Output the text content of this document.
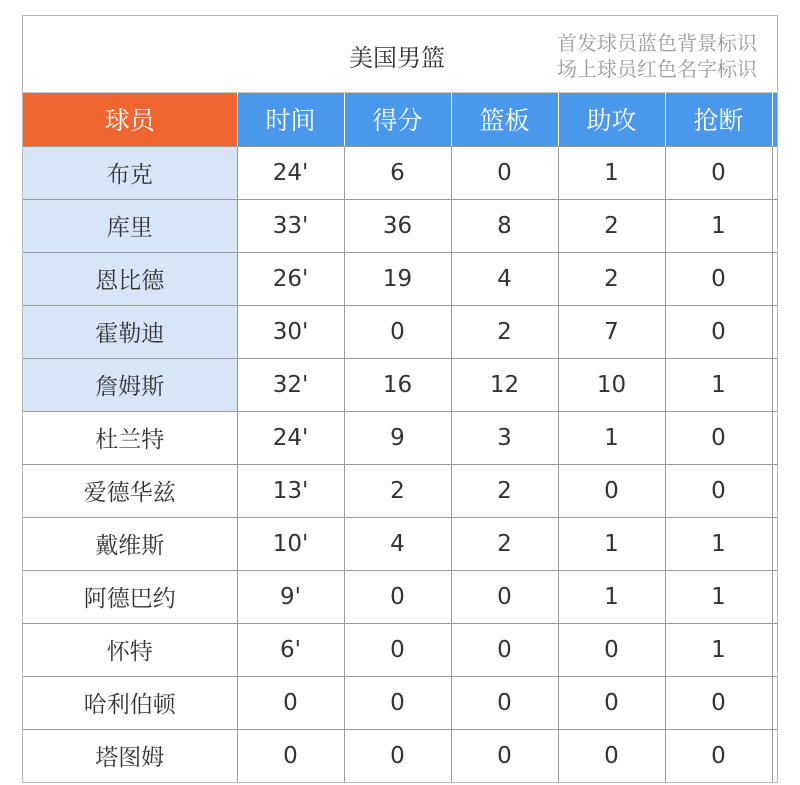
美国男篮
首发球员蓝色背景标识
场上球员红色名字标识
球员	时间	得分	篮板	助攻	抢断	
布克	24'	6	0	1	0	
库里	33'	36	8	2	1	
恩比德	26'	19	4	2	0	
霍勒迪	30'	0	2	7	0	
詹姆斯	32'	16	12	10	1	
杜兰特	24'	9	3	1	0	
爱德华兹	13'	2	2	0	0	
戴维斯	10'	4	2	1	1	
阿德巴约	9'	0	0	1	1	
怀特	6'	0	0	0	1	
哈利伯顿	0	0	0	0	0	
塔图姆	0	0	0	0	0	
